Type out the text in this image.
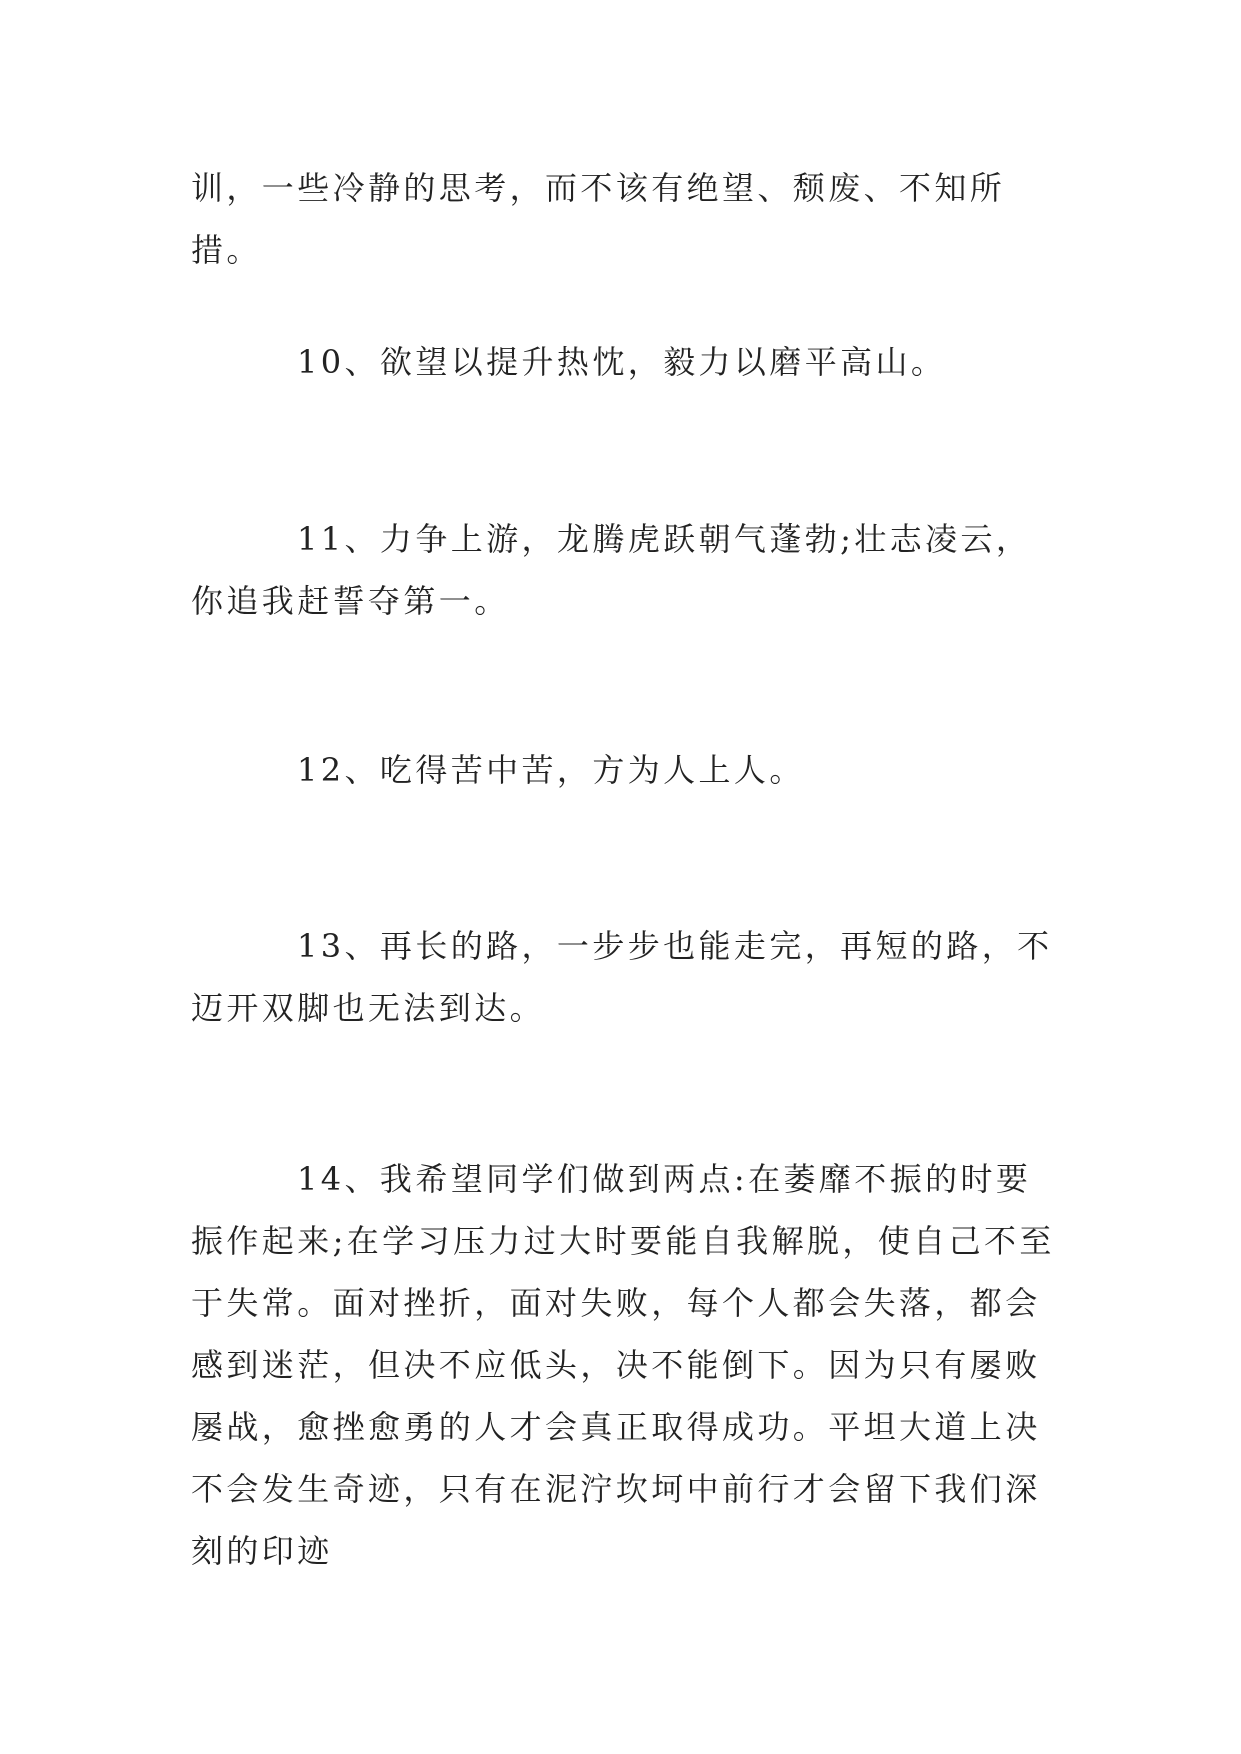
训，一些冷静的思考，而不该有绝望、颓废、不知所措。

10、欲望以提升热忱，毅力以磨平高山。

11、力争上游，龙腾虎跃朝气蓬勃;壮志凌云，你追我赶誓夺第一。

12、吃得苦中苦，方为人上人。

13、再长的路，一步步也能走完，再短的路，不迈开双脚也无法到达。

14、我希望同学们做到两点:在萎靡不振的时要振作起来;在学习压力过大时要能自我解脱，使自己不至于失常。面对挫折，面对失败，每个人都会失落，都会感到迷茫，但决不应低头，决不能倒下。因为只有屡败屡战，愈挫愈勇的人才会真正取得成功。平坦大道上决不会发生奇迹，只有在泥泞坎坷中前行才会留下我们深刻的印迹
